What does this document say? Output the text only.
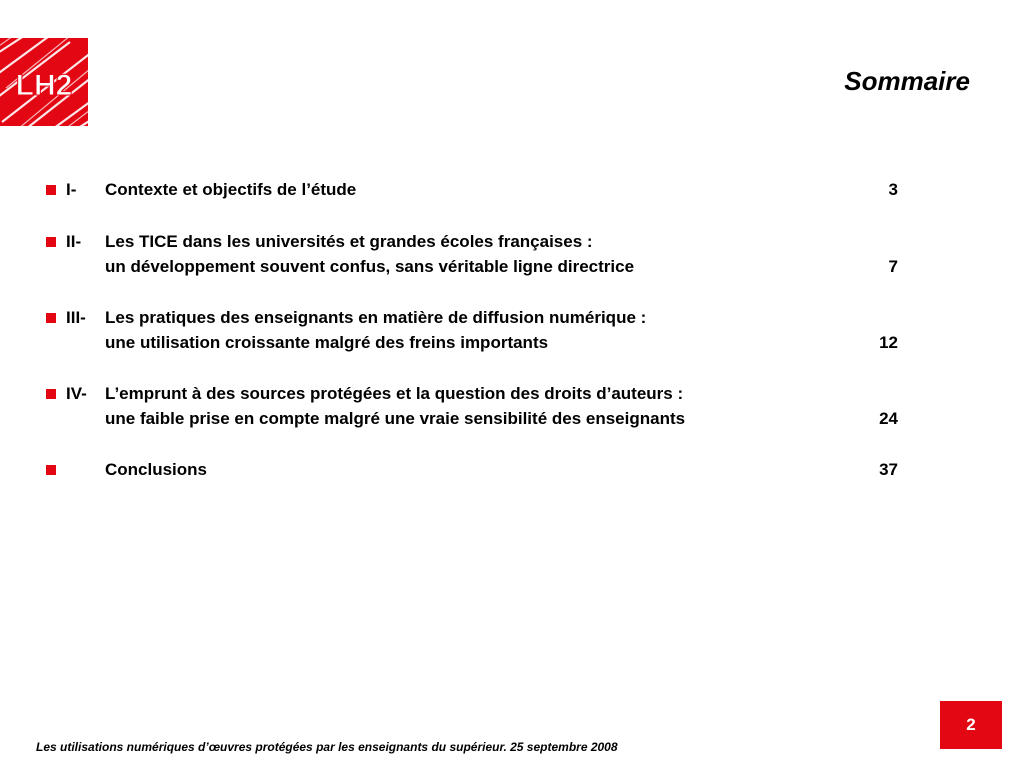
LH2	Sommaire
I- Contexte et objectifs de l’étude	3
II- Les TICE dans les universités et grandes écoles françaises :
un développement souvent confus, sans véritable ligne directrice	7
III- Les pratiques des enseignants en matière de diffusion numérique :
une utilisation croissante malgré des freins importants	12
IV- L’emprunt à des sources protégées et la question des droits d’auteurs :
une faible prise en compte malgré une vraie sensibilité des enseignants	24
Conclusions	37
Les utilisations numériques d’œuvres protégées par les enseignants du supérieur. 25 septembre 2008
2
